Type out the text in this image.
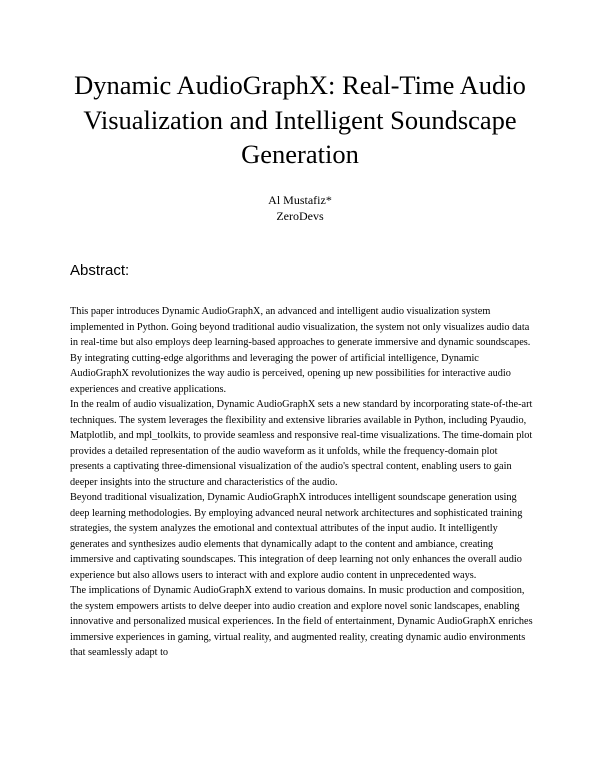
Dynamic AudioGraphX: Real-Time Audio Visualization and Intelligent Soundscape Generation
Al Mustafiz*
ZeroDevs
Abstract:

This paper introduces Dynamic AudioGraphX, an advanced and intelligent audio visualization system implemented in Python. Going beyond traditional audio visualization, the system not only visualizes audio data in real-time but also employs deep learning-based approaches to generate immersive and dynamic soundscapes. By integrating cutting-edge algorithms and leveraging the power of artificial intelligence, Dynamic AudioGraphX revolutionizes the way audio is perceived, opening up new possibilities for interactive audio experiences and creative applications.

In the realm of audio visualization, Dynamic AudioGraphX sets a new standard by incorporating state-of-the-art techniques. The system leverages the flexibility and extensive libraries available in Python, including Pyaudio, Matplotlib, and mpl_toolkits, to provide seamless and responsive real-time visualizations. The time-domain plot provides a detailed representation of the audio waveform as it unfolds, while the frequency-domain plot presents a captivating three-dimensional visualization of the audio's spectral content, enabling users to gain deeper insights into the structure and characteristics of the audio.

Beyond traditional visualization, Dynamic AudioGraphX introduces intelligent soundscape generation using deep learning methodologies. By employing advanced neural network architectures and sophisticated training strategies, the system analyzes the emotional and contextual attributes of the input audio. It intelligently generates and synthesizes audio elements that dynamically adapt to the content and ambiance, creating immersive and captivating soundscapes. This integration of deep learning not only enhances the overall audio experience but also allows users to interact with and explore audio content in unprecedented ways.

The implications of Dynamic AudioGraphX extend to various domains. In music production and composition, the system empowers artists to delve deeper into audio creation and explore novel sonic landscapes, enabling innovative and personalized musical experiences. In the field of entertainment, Dynamic AudioGraphX enriches immersive experiences in gaming, virtual reality, and augmented reality, creating dynamic audio environments that seamlessly adapt to
